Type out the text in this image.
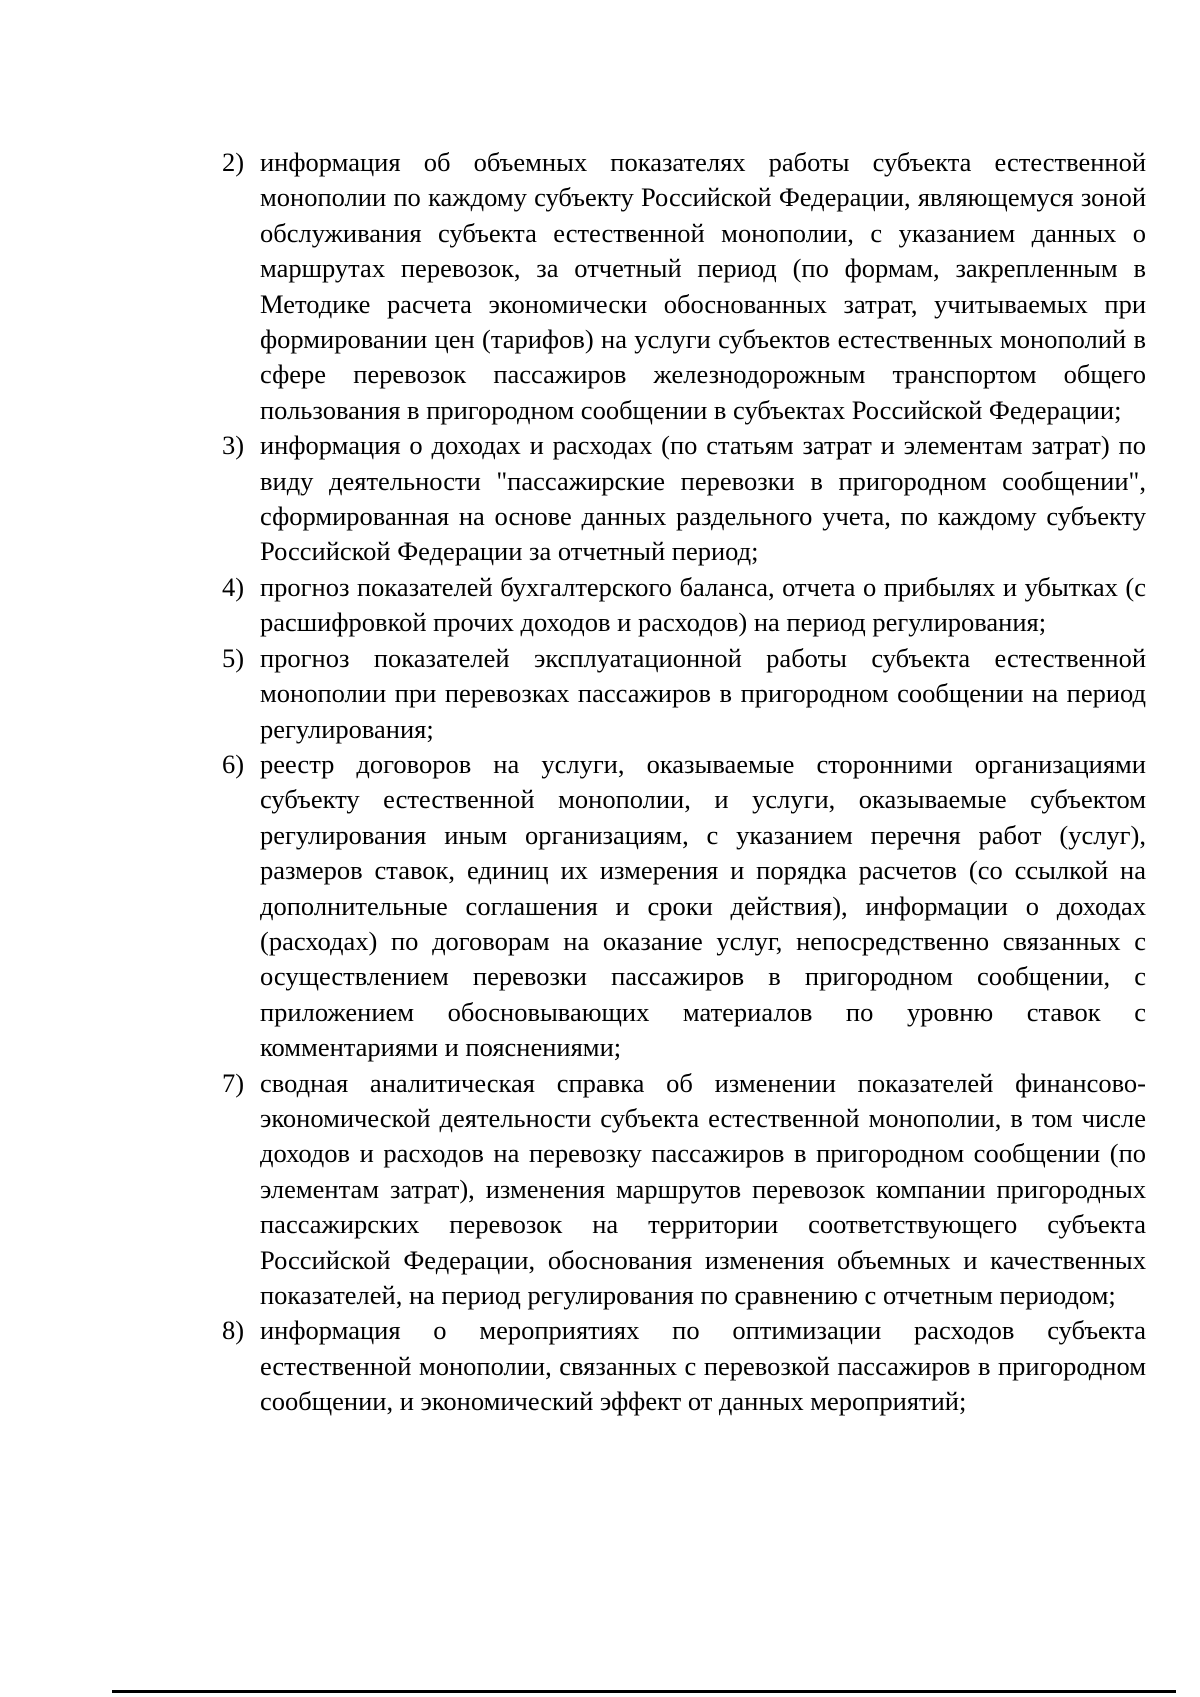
2) информация об объемных показателях работы субъекта естественной монополии по каждому субъекту Российской Федерации, являющемуся зоной обслуживания субъекта естественной монополии, с указанием данных о маршрутах перевозок, за отчетный период (по формам, закрепленным в Методике расчета экономически обоснованных затрат, учитываемых при формировании цен (тарифов) на услуги субъектов естественных монополий в сфере перевозок пассажиров железнодорожным транспортом общего пользования в пригородном сообщении в субъектах Российской Федерации;
3) информация о доходах и расходах (по статьям затрат и элементам затрат) по виду деятельности "пассажирские перевозки в пригородном сообщении", сформированная на основе данных раздельного учета, по каждому субъекту Российской Федерации за отчетный период;
4) прогноз показателей бухгалтерского баланса, отчета о прибылях и убытках (с расшифровкой прочих доходов и расходов) на период регулирования;
5) прогноз показателей эксплуатационной работы субъекта естественной монополии при перевозках пассажиров в пригородном сообщении на период регулирования;
6) реестр договоров на услуги, оказываемые сторонними организациями субъекту естественной монополии, и услуги, оказываемые субъектом регулирования иным организациям, с указанием перечня работ (услуг), размеров ставок, единиц их измерения и порядка расчетов (со ссылкой на дополнительные соглашения и сроки действия), информации о доходах (расходах) по договорам на оказание услуг, непосредственно связанных с осуществлением перевозки пассажиров в пригородном сообщении, с приложением обосновывающих материалов по уровню ставок с комментариями и пояснениями;
7) сводная аналитическая справка об изменении показателей финансово-экономической деятельности субъекта естественной монополии, в том числе доходов и расходов на перевозку пассажиров в пригородном сообщении (по элементам затрат), изменения маршрутов перевозок компании пригородных пассажирских перевозок на территории соответствующего субъекта Российской Федерации, обоснования изменения объемных и качественных показателей, на период регулирования по сравнению с отчетным периодом;
8) информация о мероприятиях по оптимизации расходов субъекта естественной монополии, связанных с перевозкой пассажиров в пригородном сообщении, и экономический эффект от данных мероприятий;
